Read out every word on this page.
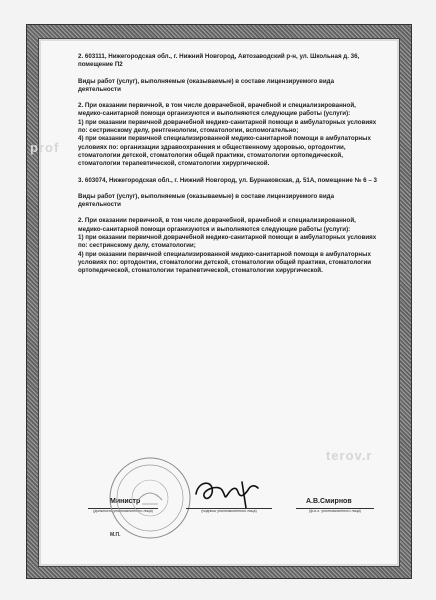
2. 603111, Нижегородская обл., г. Нижний Новгород, Автозаводский р-н, ул. Школьная д. 36, помещение П2

Виды работ (услуг), выполняемые (оказываемые) в составе лицензируемого вида деятельности

2. При оказании первичной, в том числе доврачебной, врачебной и специализированной, медико-санитарной помощи организуются и выполняются следующие работы (услуги):
1) при оказании первичной доврачебной медико-санитарной помощи в амбулаторных условиях по: сестринскому делу, рентгенологии, стоматологии, вспомогательно;
4) при оказании первичной специализированной медико-санитарной помощи в амбулаторных условиях по: организации здравоохранения и общественному здоровью, ортодонтии, стоматологии детской, стоматологии общей практики, стоматологии ортопедической, стоматологии терапевтической, стоматологии хирургической.

3. 603074, Нижегородская обл., г. Нижний Новгород, ул. Бурнаковская, д. 51А, помещение № 6 – 3

Виды работ (услуг), выполняемые (оказываемые) в составе лицензируемого вида деятельности

2. При оказании первичной, в том числе доврачебной, врачебной и специализированной, медико-санитарной помощи организуются и выполняются следующие работы (услуги):
1) при оказании первичной доврачебной медико-санитарной помощи в амбулаторных условиях по: сестринскому делу, стоматологии;
4) при оказании первичной специализированной медико-санитарной помощи в амбулаторных условиях по: ортодонтии, стоматологии детской, стоматологии общей практики, стоматологии ортопедической, стоматологии терапевтической, стоматологии хирургической.

prof
terov.r
Министр
(должность уполномоченного лица)
М.П.
(подпись уполномоченного лица)
А.В.Смирнов
(ф.и.о. уполномоченного лица)
